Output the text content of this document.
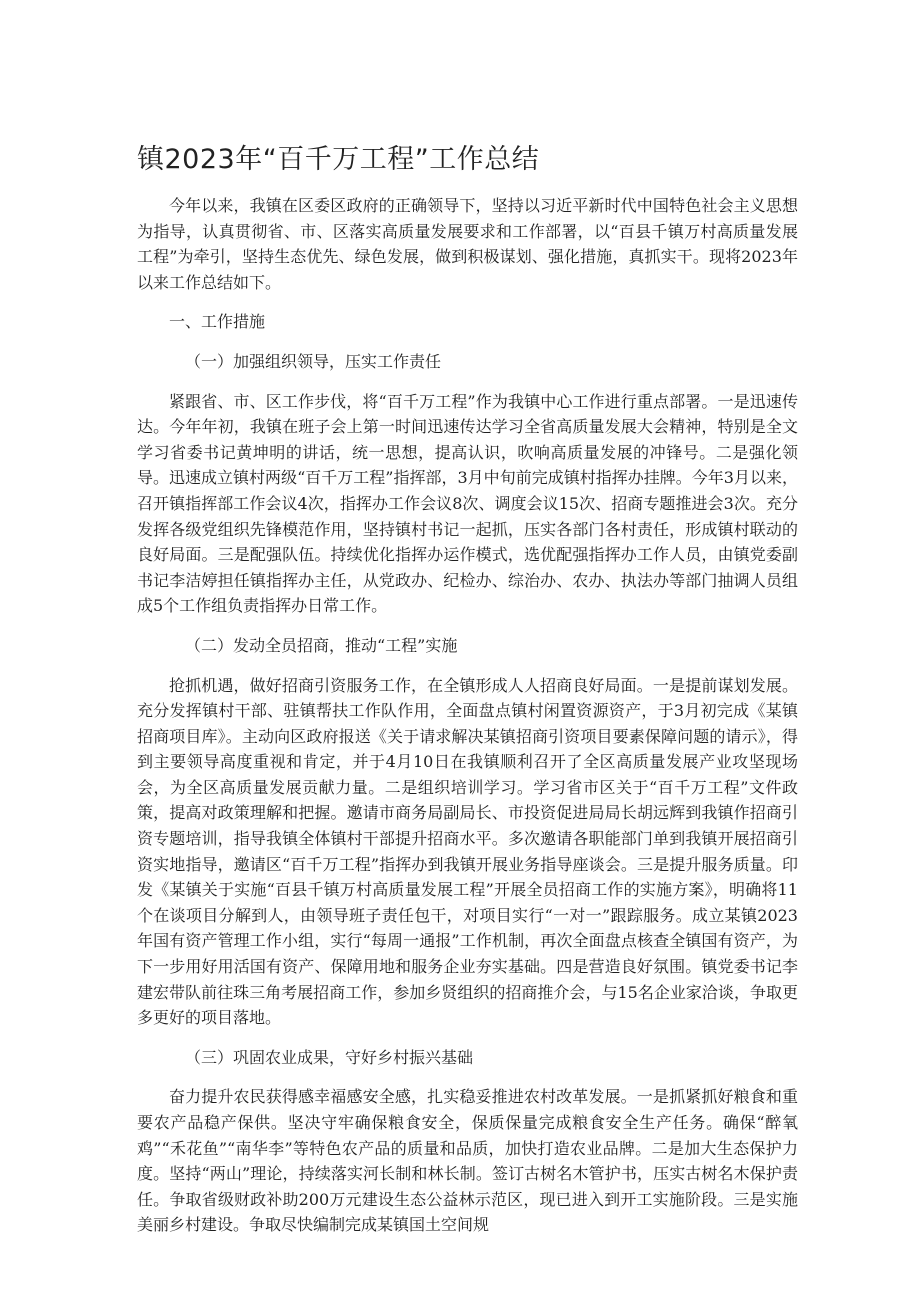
镇2023年“百千万工程”工作总结

今年以来，我镇在区委区政府的正确领导下，坚持以习近平新时代中国特色社会主义思想为指导，认真贯彻省、市、区落实高质量发展要求和工作部署，以“百县千镇万村高质量发展工程”为牵引，坚持生态优先、绿色发展，做到积极谋划、强化措施，真抓实干。现将2023年以来工作总结如下。

一、工作措施

（一）加强组织领导，压实工作责任

紧跟省、市、区工作步伐，将“百千万工程”作为我镇中心工作进行重点部署。一是迅速传达。今年年初，我镇在班子会上第一时间迅速传达学习全省高质量发展大会精神，特别是全文学习省委书记黄坤明的讲话，统一思想，提高认识，吹响高质量发展的冲锋号。二是强化领导。迅速成立镇村两级“百千万工程”指挥部，3月中旬前完成镇村指挥办挂牌。今年3月以来，召开镇指挥部工作会议4次，指挥办工作会议8次、调度会议15次、招商专题推进会3次。充分发挥各级党组织先锋模范作用，坚持镇村书记一起抓，压实各部门各村责任，形成镇村联动的良好局面。三是配强队伍。持续优化指挥办运作模式，选优配强指挥办工作人员，由镇党委副书记李洁婷担任镇指挥办主任，从党政办、纪检办、综治办、农办、执法办等部门抽调人员组成5个工作组负责指挥办日常工作。

（二）发动全员招商，推动“工程”实施

抢抓机遇，做好招商引资服务工作，在全镇形成人人招商良好局面。一是提前谋划发展。充分发挥镇村干部、驻镇帮扶工作队作用，全面盘点镇村闲置资源资产，于3月初完成《某镇招商项目库》。主动向区政府报送《关于请求解决某镇招商引资项目要素保障问题的请示》，得到主要领导高度重视和肯定，并于4月10日在我镇顺利召开了全区高质量发展产业攻坚现场会，为全区高质量发展贡献力量。二是组织培训学习。学习省市区关于“百千万工程”文件政策，提高对政策理解和把握。邀请市商务局副局长、市投资促进局局长胡远辉到我镇作招商引资专题培训，指导我镇全体镇村干部提升招商水平。多次邀请各职能部门单到我镇开展招商引资实地指导，邀请区“百千万工程”指挥办到我镇开展业务指导座谈会。三是提升服务质量。印发《某镇关于实施“百县千镇万村高质量发展工程”开展全员招商工作的实施方案》，明确将11个在谈项目分解到人，由领导班子责任包干，对项目实行“一对一”跟踪服务。成立某镇2023年国有资产管理工作小组，实行“每周一通报”工作机制，再次全面盘点核查全镇国有资产，为下一步用好用活国有资产、保障用地和服务企业夯实基础。四是营造良好氛围。镇党委书记李建宏带队前往珠三角考展招商工作，参加乡贤组织的招商推介会，与15名企业家洽谈，争取更多更好的项目落地。

（三）巩固农业成果，守好乡村振兴基础

奋力提升农民获得感幸福感安全感，扎实稳妥推进农村改革发展。一是抓紧抓好粮食和重要农产品稳产保供。坚决守牢确保粮食安全，保质保量完成粮食安全生产任务。确保“醉氧鸡”“禾花鱼”“南华李”等特色农产品的质量和品质，加快打造农业品牌。二是加大生态保护力度。坚持“两山”理论，持续落实河长制和林长制。签订古树名木管护书，压实古树名木保护责任。争取省级财政补助200万元建设生态公益林示范区，现已进入到开工实施阶段。三是实施美丽乡村建设。争取尽快编制完成某镇国土空间规
